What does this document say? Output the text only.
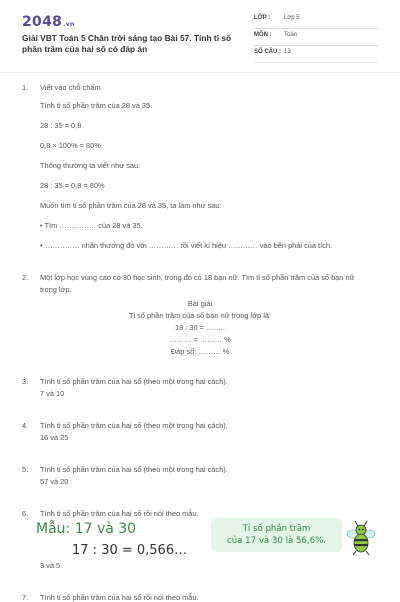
2048.vn
Giải VBT Toán 5 Chân trời sáng tạo Bài 57. Tính tỉ số phần trăm của hai số có đáp án
LỚP : Lớp 5
MÔN : Toán
SỐ CÂU : 13
1. Viết vào chỗ chấm
Tính tỉ số phần trăm của 28 và 35.
28 : 35 = 0,8
0,8 × 100% = 80%
Thông thường ta viết như sau:
28 : 35 = 0,8 = 80%
Muốn tìm tỉ số phần trăm của 28 và 35, ta làm như sau:
• Tìm …………… của 28 và 35.
•…………… nhân thương đó với ………… rồi viết kí hiệu ………… vào bên phải của tích.
2. Một lớp học vùng cao có 30 học sinh, trong đó có 18 bạn nữ. Tìm tỉ số phần trăm của số bạn nữ
trong lớp.
Bài giải
Tỉ số phần trăm của số bạn nữ trong lớp là:
18 : 30 = ……..
……… = ……… %
Đáp số: ……… %
3. Tính tỉ số phần trăm của hai số (theo một trong hai cách).
7 và 10
4. Tính tỉ số phần trăm của hai số (theo một trong hai cách).
16 và 25
5. Tính tỉ số phần trăm của hai số (theo một trong hai cách).
57 và 20
6. Tính tỉ số phần trăm của hai số rồi nói theo mẫu.
Mẫu: 17 và 30
17 : 30 = 0,566…
Tỉ số phần trăm
của 17 và 30 là 56,6%.
3 và 5
7. Tính tỉ số phần trăm của hai số rồi nói theo mẫu.
